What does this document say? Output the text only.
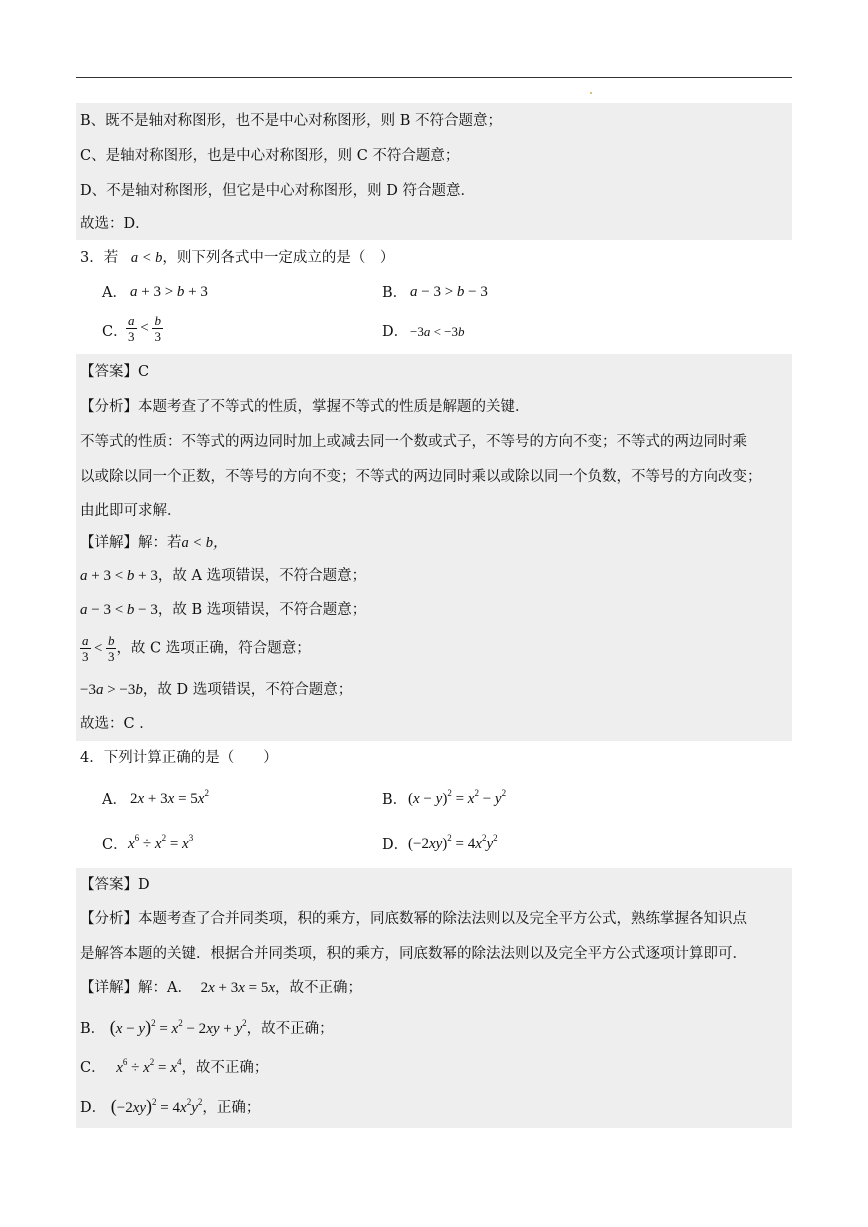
B、既不是轴对称图形，也不是中心对称图形，则 B 不符合题意；
C、是轴对称图形，也是中心对称图形，则 C 不符合题意；
D、不是轴对称图形，但它是中心对称图形，则 D 符合题意．
故选：D．
3．若 a < b，则下列各式中一定成立的是（　）
A． a + 3 > b + 3	B． a − 3 > b − 3
C．
$\frac{a}{3} < \frac{b}{3}$	D． −3a < −3b
【答案】C
【分析】本题考查了不等式的性质，掌握不等式的性质是解题的关键．
不等式的性质：不等式的两边同时加上或减去同一个数或式子，不等号的方向不变；不等式的两边同时乘
以或除以同一个正数，不等号的方向不变；不等式的两边同时乘以或除以同一个负数，不等号的方向改变；
由此即可求解．
【详解】解：若a < b，
a + 3 < b + 3，故 A 选项错误，不符合题意；
a − 3 < b − 3，故 B 选项错误，不符合题意；
$\frac{a}{3} < \frac{b}{3}$ ，故 C 选项正确，符合题意；
−3a > −3b，故 D 选项错误，不符合题意；
故选：C ．
4．下列计算正确的是（　　）
A． $2x + 3x = 5x^2$	B． $(x - y)^2 = x^2 - y^2$
C． $x^6 \div x^2 = x^3$	D． $(-2xy)^2 = 4x^2y^2$
【答案】D
【分析】本题考查了合并同类项，积的乘方，同底数幂的除法法则以及完全平方公式，熟练掌握各知识点
是解答本题的关键．根据合并同类项，积的乘方，同底数幂的除法法则以及完全平方公式逐项计算即可．
【详解】解：A． 2x + 3x = 5x，故不正确；
B． $(x - y)^2 = x^2 - 2xy + y^2$，故不正确；
C． $x^6 \div x^2 = x^4$，故不正确；
D． $(-2xy)^2 = 4x^2y^2$，正确；
